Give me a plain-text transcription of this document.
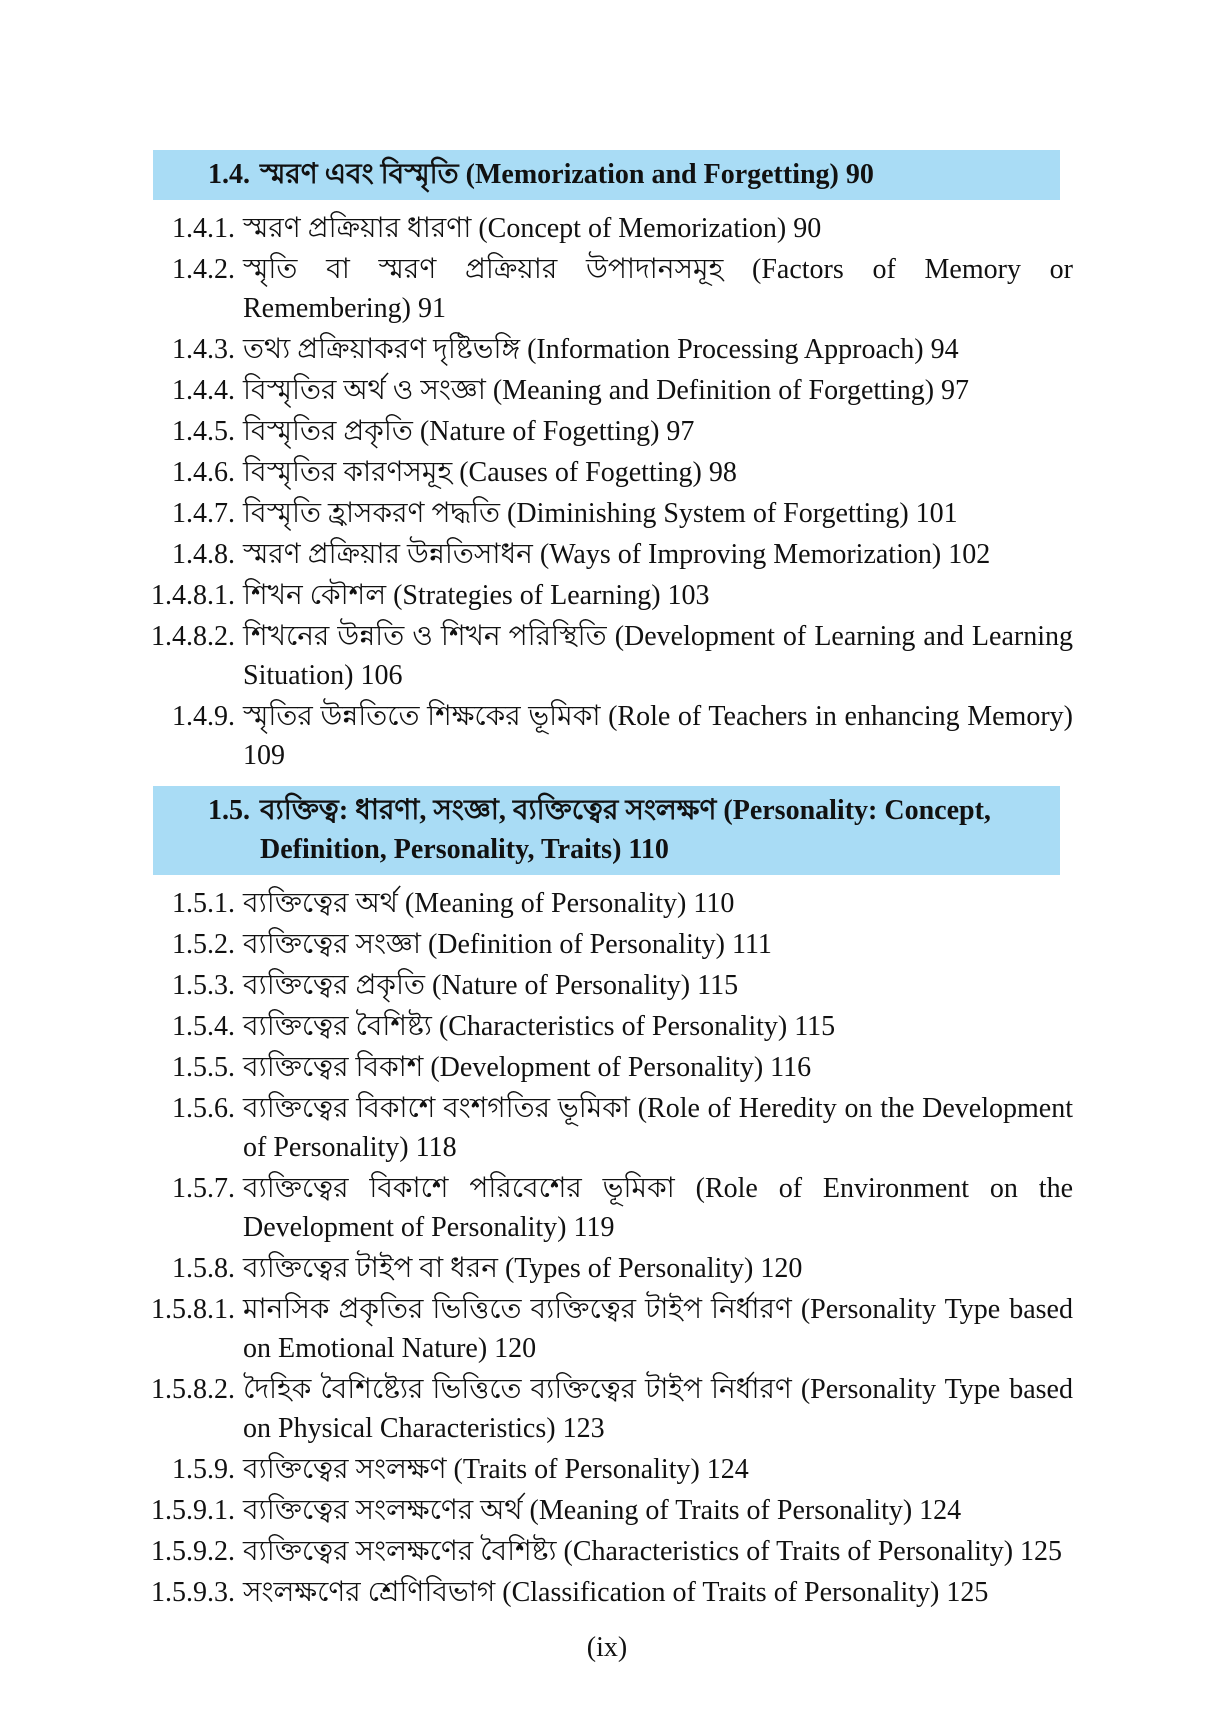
1.4. স্মরণ এবং বিস্মৃতি (Memorization and Forgetting) 90
1.4.1. স্মরণ প্রক্রিয়ার ধারণা (Concept of Memorization) 90
1.4.2. স্মৃতি বা স্মরণ প্রক্রিয়ার উপাদানসমূহ (Factors of Memory or Remembering) 91
1.4.3. তথ্য প্রক্রিয়াকরণ দৃষ্টিভঙ্গি (Information Processing Approach) 94
1.4.4. বিস্মৃতির অর্থ ও সংজ্ঞা (Meaning and Definition of Forgetting) 97
1.4.5. বিস্মৃতির প্রকৃতি (Nature of Fogetting) 97
1.4.6. বিস্মৃতির কারণসমূহ (Causes of Fogetting) 98
1.4.7. বিস্মৃতি হ্রাসকরণ পদ্ধতি (Diminishing System of Forgetting) 101
1.4.8. স্মরণ প্রক্রিয়ার উন্নতিসাধন (Ways of Improving Memorization) 102
1.4.8.1. শিখন কৌশল (Strategies of Learning) 103
1.4.8.2. শিখনের উন্নতি ও শিখন পরিস্থিতি (Development of Learning and Learning Situation) 106
1.4.9. স্মৃতির উন্নতিতে শিক্ষকের ভূমিকা (Role of Teachers in enhancing Memory) 109
1.5. ব্যক্তিত্ব: ধারণা, সংজ্ঞা, ব্যক্তিত্বের সংলক্ষণ (Personality: Concept, Definition, Personality, Traits) 110
1.5.1. ব্যক্তিত্বের অর্থ (Meaning of Personality) 110
1.5.2. ব্যক্তিত্বের সংজ্ঞা (Definition of Personality) 111
1.5.3. ব্যক্তিত্বের প্রকৃতি (Nature of Personality) 115
1.5.4. ব্যক্তিত্বের বৈশিষ্ট্য (Characteristics of Personality) 115
1.5.5. ব্যক্তিত্বের বিকাশ (Development of Personality) 116
1.5.6. ব্যক্তিত্বের বিকাশে বংশগতির ভূমিকা (Role of Heredity on the Development of Personality) 118
1.5.7. ব্যক্তিত্বের বিকাশে পরিবেশের ভূমিকা (Role of Environment on the Development of Personality) 119
1.5.8. ব্যক্তিত্বের টাইপ বা ধরন (Types of Personality) 120
1.5.8.1. মানসিক প্রকৃতির ভিত্তিতে ব্যক্তিত্বের টাইপ নির্ধারণ (Personality Type based on Emotional Nature) 120
1.5.8.2. দৈহিক বৈশিষ্ট্যের ভিত্তিতে ব্যক্তিত্বের টাইপ নির্ধারণ (Personality Type based on Physical Characteristics) 123
1.5.9. ব্যক্তিত্বের সংলক্ষণ (Traits of Personality) 124
1.5.9.1. ব্যক্তিত্বের সংলক্ষণের অর্থ (Meaning of Traits of Personality) 124
1.5.9.2. ব্যক্তিত্বের সংলক্ষণের বৈশিষ্ট্য (Characteristics of Traits of Personality) 125
1.5.9.3. সংলক্ষণের শ্রেণিবিভাগ (Classification of Traits of Personality) 125
(ix)
